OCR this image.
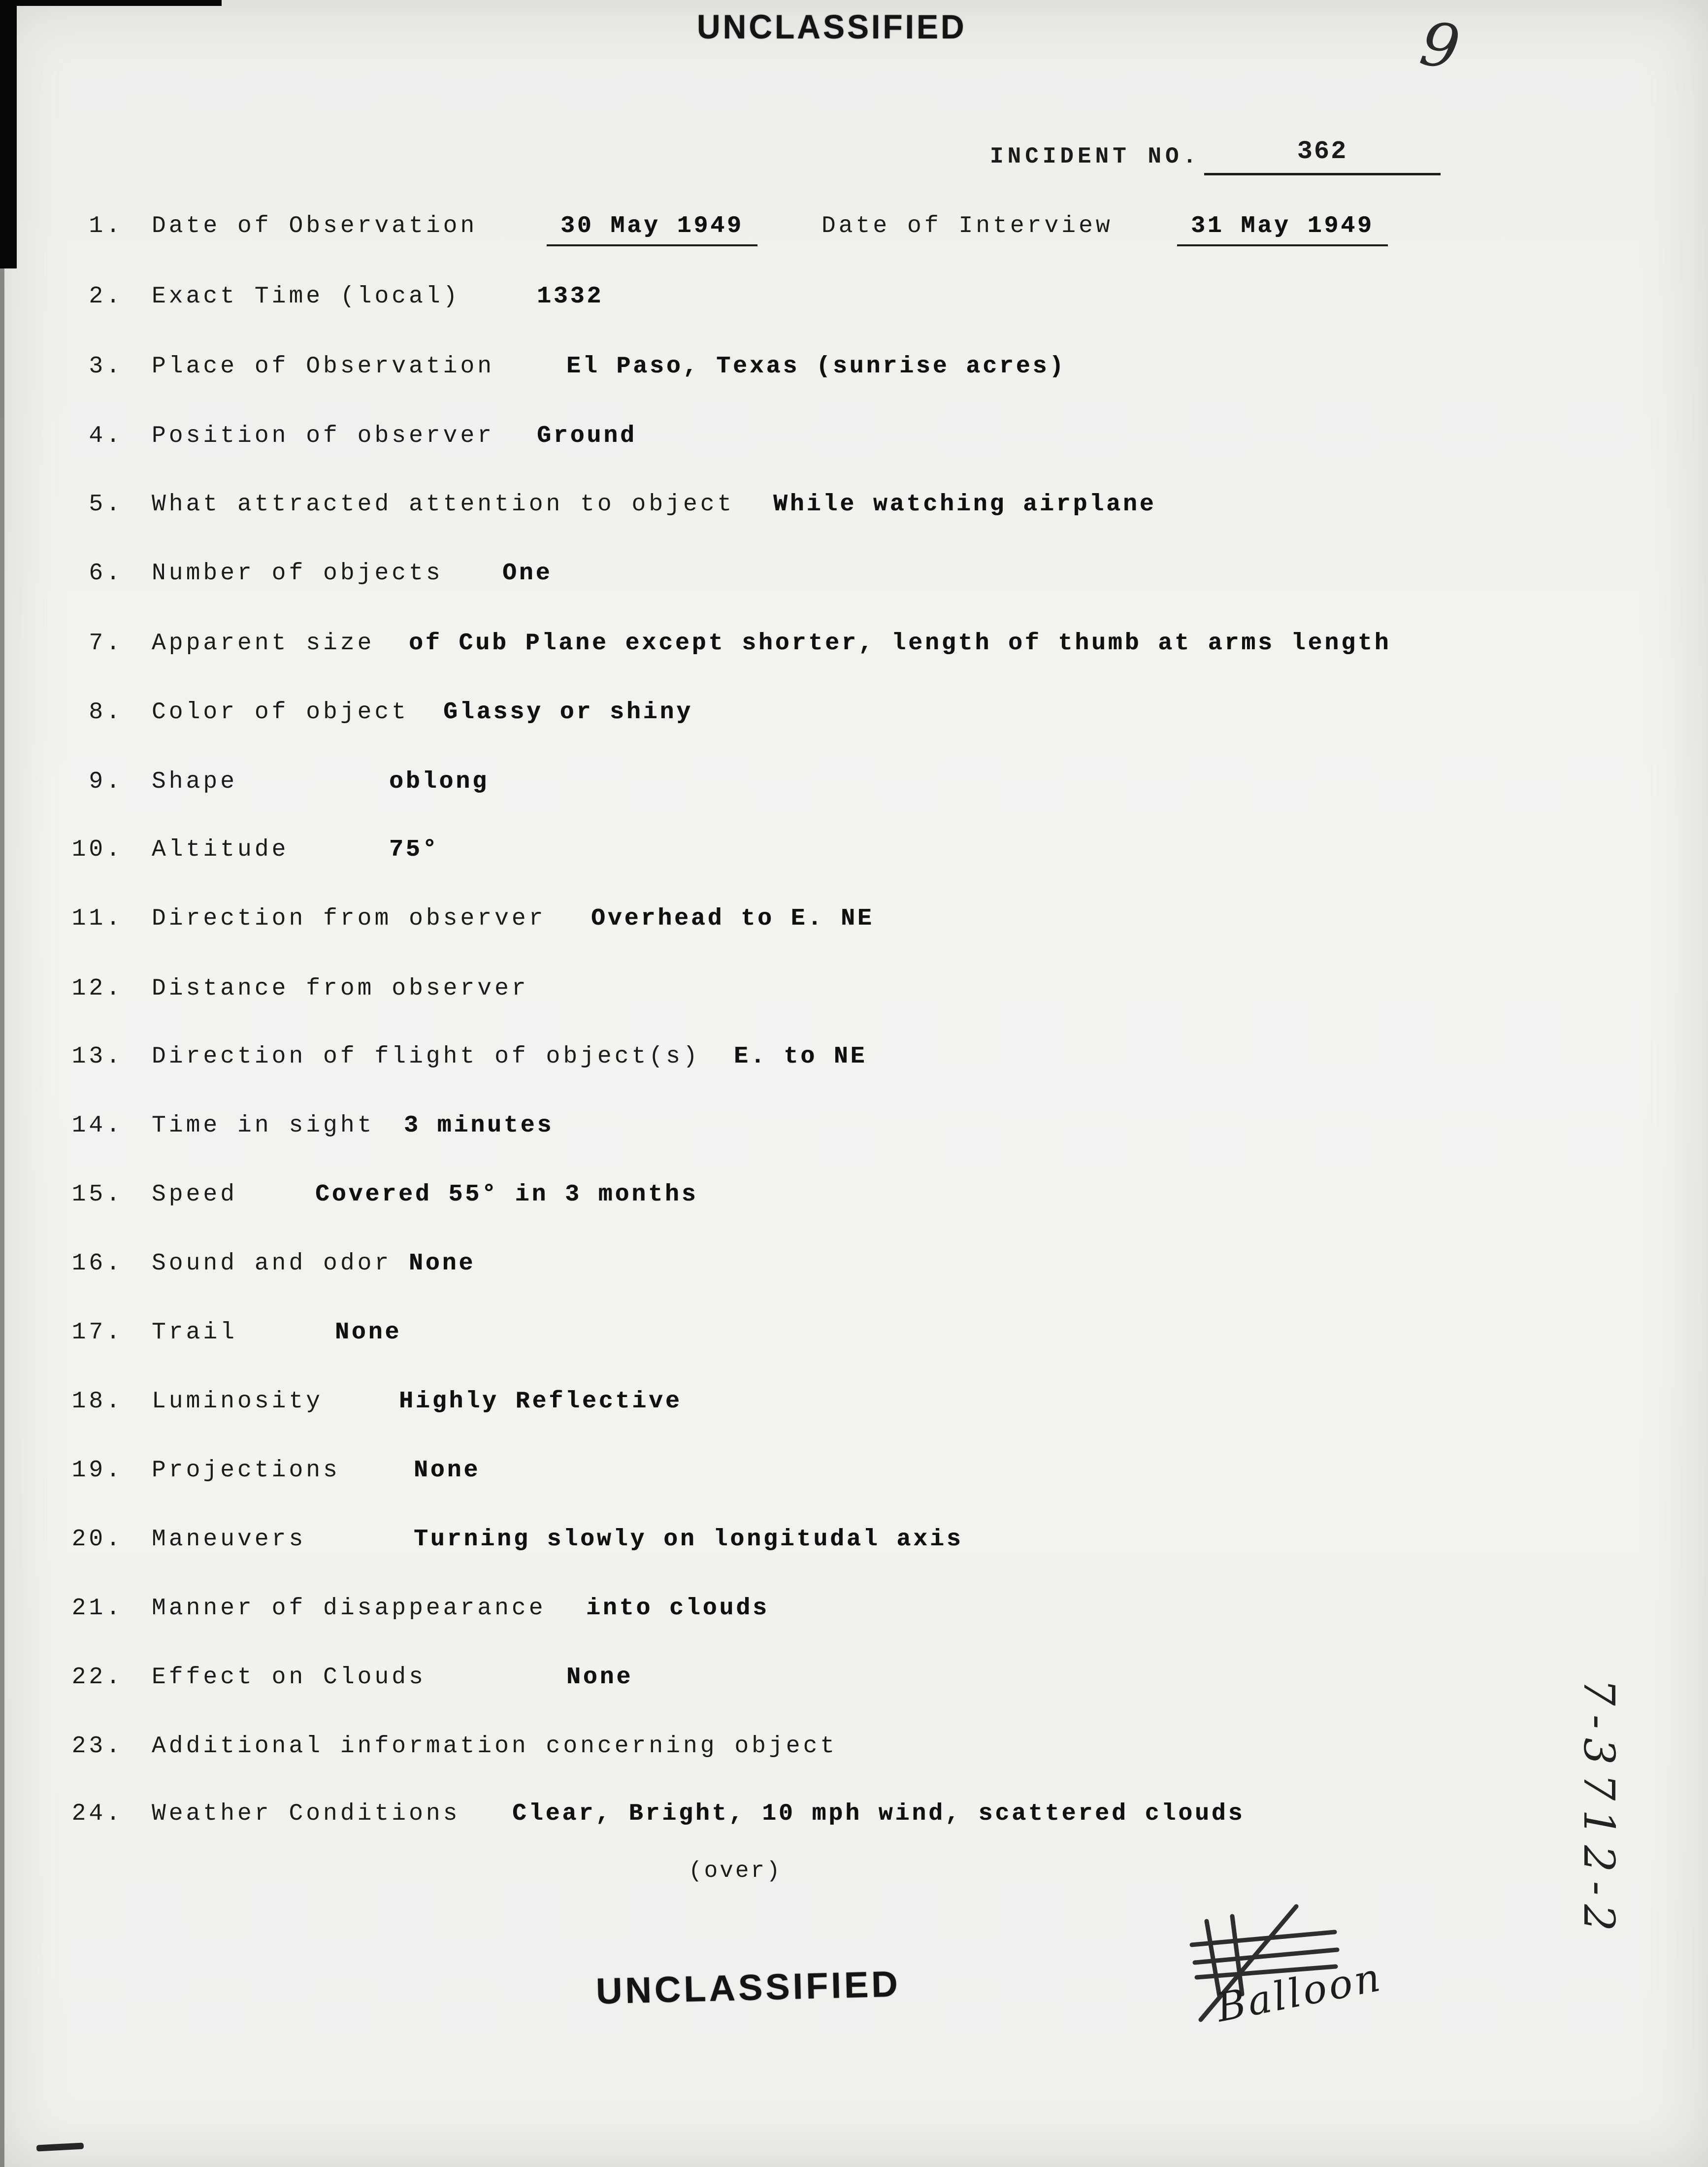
UNCLASSIFIED	9
INCIDENT NO.	362
1. Date of Observation	30 May 1949	Date of Interview	31 May 1949
2. Exact Time (local)	1332
3. Place of Observation	El Paso, Texas (sunrise acres)
4. Position of observer Ground
5. What attracted attention to object While watching airplane
6. Number of objects	One
7. Apparent size of Cub Plane except shorter, length of thumb at arms length
8. Color of object Glassy or shiny
9. Shape	oblong
10. Altitude	75°
11. Direction from observer Overhead to E. NE
12. Distance from observer
13. Direction of flight of object(s) E. to NE
14. Time in sight 3 minutes
15. Speed	Covered 55° in 3 months
16. Sound and odor None
17. Trail	None
18. Luminosity	Highly Reflective
19. Projections	None
20. Maneuvers	Turning slowly on longitudal axis
21. Manner of disappearance into clouds
22. Effect on Clouds	None
23. Additional information concerning object
24. Weather Conditions Clear, Bright, 10 mph wind, scattered clouds
(over)
UNCLASSIFIED	Balloon
7-3712-2
